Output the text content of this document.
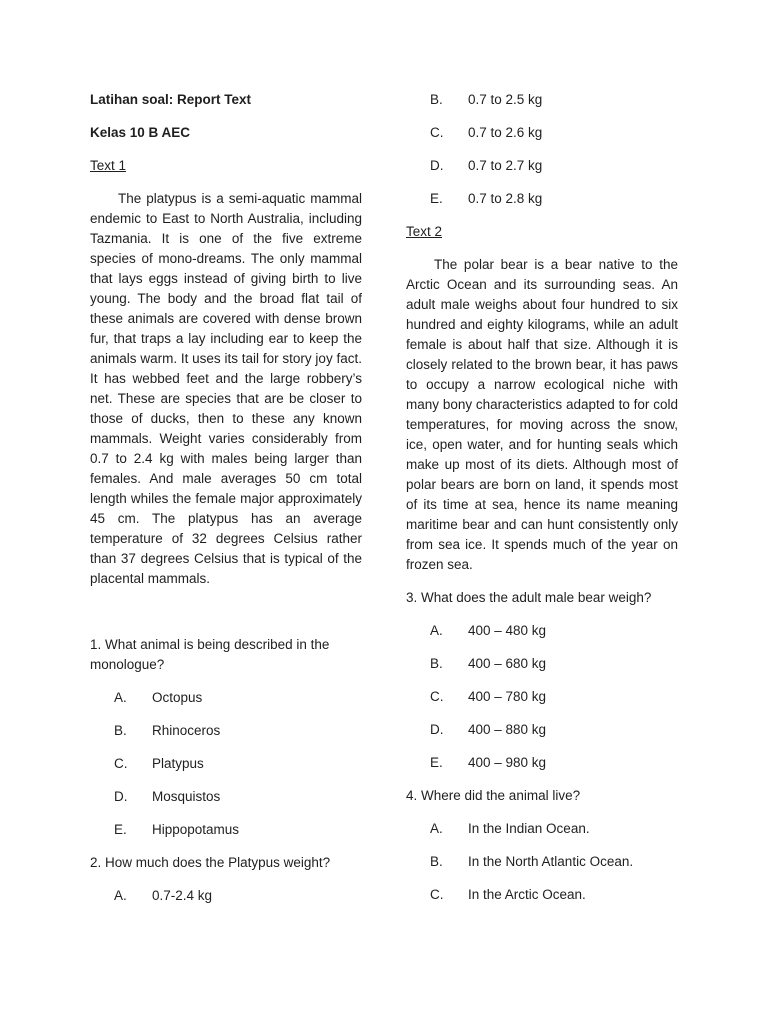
Latihan soal: Report Text
Kelas 10 B AEC
Text 1

The platypus is a semi-aquatic mammal endemic to East to North Australia, including Tazmania. It is one of the five extreme species of mono-dreams. The only mammal that lays eggs instead of giving birth to live young. The body and the broad flat tail of these animals are covered with dense brown fur, that traps a lay including ear to keep the animals warm. It uses its tail for story joy fact. It has webbed feet and the large robbery’s net. These are species that are be closer to those of ducks, then to these any known mammals. Weight varies considerably from 0.7 to 2.4 kg with males being larger than females. And male averages 50 cm total length whiles the female major approximately 45 cm. The platypus has an average temperature of 32 degrees Celsius rather than 37 degrees Celsius that is typical of the placental mammals.

1. What animal is being described in the monologue?
A.	Octopus
B.	Rhinoceros
C.	Platypus
D.	Mosquistos
E.	Hippopotamus
2. How much does the Platypus weight?
A.	0.7-2.4 kg
B.	0.7 to 2.5 kg
C.	0.7 to 2.6 kg
D.	0.7 to 2.7 kg
E.	0.7 to 2.8 kg
Text 2

The polar bear is a bear native to the Arctic Ocean and its surrounding seas. An adult male weighs about four hundred to six hundred and eighty kilograms, while an adult female is about half that size. Although it is closely related to the brown bear, it has paws to occupy a narrow ecological niche with many bony characteristics adapted to for cold temperatures, for moving across the snow, ice, open water, and for hunting seals which make up most of its diets. Although most of polar bears are born on land, it spends most of its time at sea, hence its name meaning maritime bear and can hunt consistently only from sea ice. It spends much of the year on frozen sea.

3. What does the adult male bear weigh?
A.	400 – 480 kg
B.	400 – 680 kg
C.	400 – 780 kg
D.	400 – 880 kg
E.	400 – 980 kg
4. Where did the animal live?
A.	In the Indian Ocean.
B.	In the North Atlantic Ocean.
C.	In the Arctic Ocean.
